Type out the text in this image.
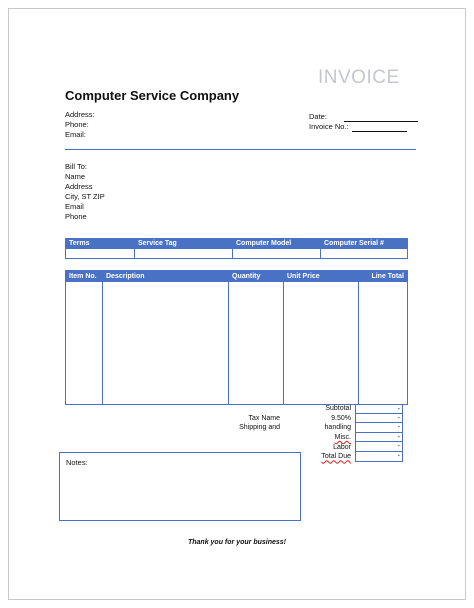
INVOICE
Computer Service Company
Address:
Phone:
Email:
Date:
Invoice No.:
Bill To:
Name
Address
City, ST ZIP
Email
Phone
Terms	Service Tag	Computer Model	Computer Serial #

Item No.	Description	Quantity	Unit Price	Line Total
Subtotal	-
Tax Name	9.50%	-
Shipping and	handling	-
Misc.	-
Labor	-
Total Due	-
Notes:
Thank you for your business!
